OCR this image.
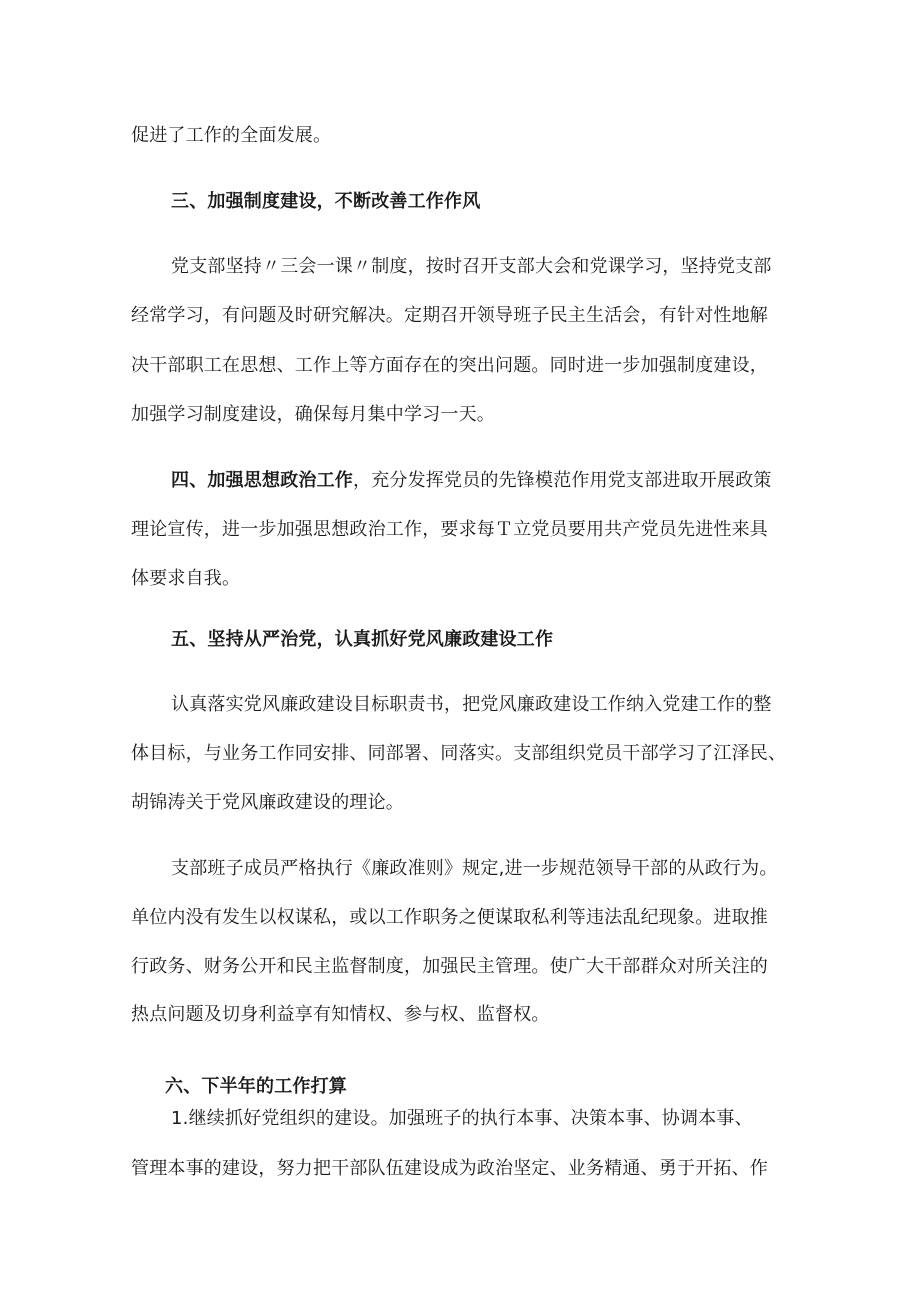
促进了工作的全面发展。
三、加强制度建设，不断改善工作作风
党支部坚持〃三会一课〃制度，按时召开支部大会和党课学习，坚持党支部
经常学习，有问题及时研究解决。定期召开领导班子民主生活会，有针对性地解
决干部职工在思想、工作上等方面存在的突出问题。同时进一步加强制度建设，
加强学习制度建设，确保每月集中学习一天。
四、加强思想政治工作，充分发挥党员的先锋模范作用党支部进取开展政策
理论宣传，进一步加强思想政治工作，要求每Ｔ立党员要用共产党员先进性来具
体要求自我。
五、坚持从严治党，认真抓好党风廉政建设工作
认真落实党风廉政建设目标职责书，把党风廉政建设工作纳入党建工作的整
体目标，与业务工作同安排、同部署、同落实。支部组织党员干部学习了江泽民、
胡锦涛关于党风廉政建设的理论。
支部班子成员严格执行《廉政准则》规定,进一步规范领导干部的从政行为。
单位内没有发生以权谋私，或以工作职务之便谋取私利等违法乱纪现象。进取推
行政务、财务公开和民主监督制度，加强民主管理。使广大干部群众对所关注的
热点问题及切身利益享有知情权、参与权、监督权。
六、下半年的工作打算
1.继续抓好党组织的建设。加强班子的执行本事、决策本事、协调本事、
管理本事的建设，努力把干部队伍建设成为政治坚定、业务精通、勇于开拓、作
